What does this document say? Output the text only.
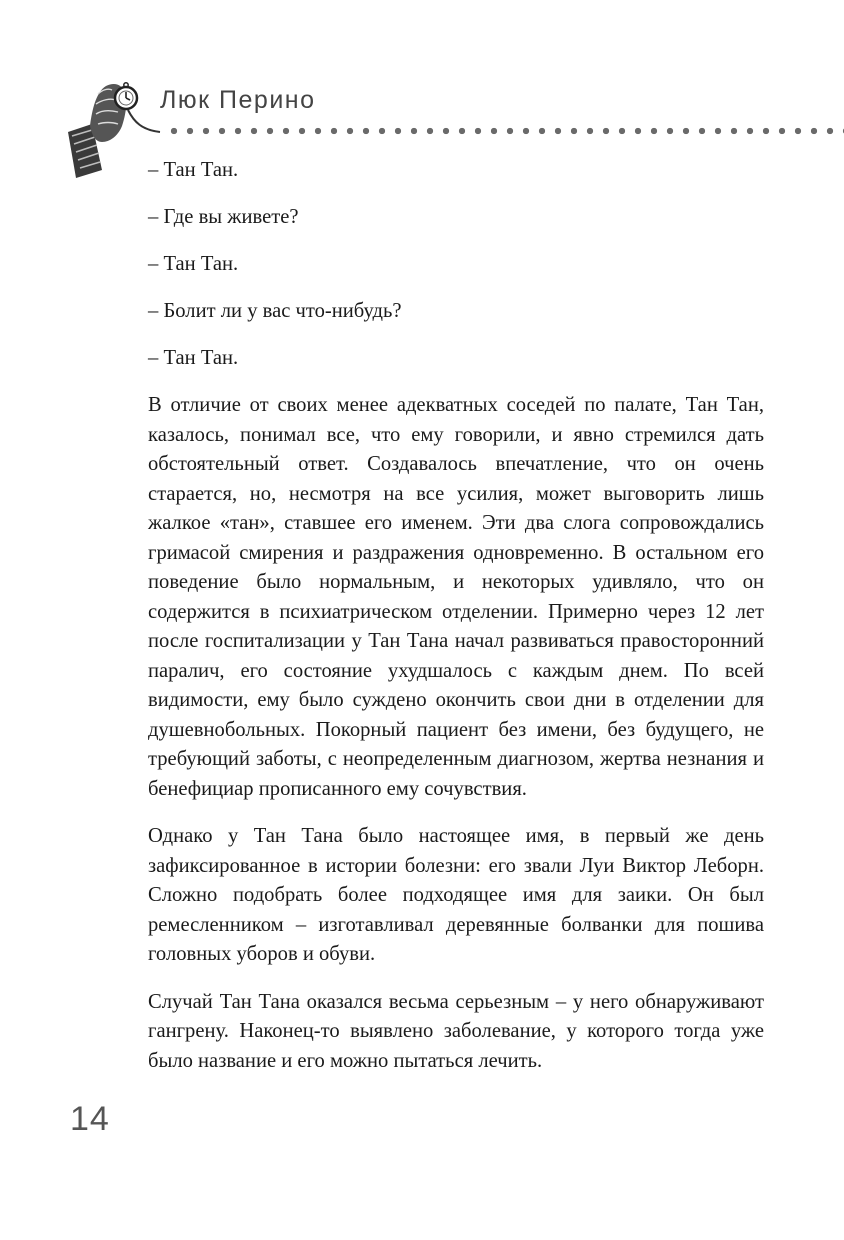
Люк Перино

– Тан Тан.

– Где вы живете?

– Тан Тан.

– Болит ли у вас что-нибудь?

– Тан Тан.

В отличие от своих менее адекватных соседей по палате, Тан Тан, казалось, понимал все, что ему говорили, и явно стремился дать обстоятельный ответ. Создавалось впечатление, что он очень старается, но, несмотря на все усилия, может выговорить лишь жалкое «тан», ставшее его именем. Эти два слога сопровождались гримасой смирения и раздражения одновременно. В остальном его поведение было нормальным, и некоторых удивляло, что он содержится в психиатрическом отделении. Примерно через 12 лет после госпитализации у Тан Тана начал развиваться правосторонний паралич, его состояние ухудшалось с каждым днем. По всей видимости, ему было суждено окончить свои дни в отделении для душевнобольных. Покорный пациент без имени, без будущего, не требующий заботы, с неопределенным диагнозом, жертва незнания и бенефициар прописанного ему сочувствия.

Однако у Тан Тана было настоящее имя, в первый же день зафиксированное в истории болезни: его звали Луи Виктор Леборн. Сложно подобрать более подходящее имя для заики. Он был ремесленником – изготавливал деревянные болванки для пошива головных уборов и обуви.

Случай Тан Тана оказался весьма серьезным – у него обнаруживают гангрену. Наконец-то выявлено заболевание, у которого тогда уже было название и его можно пытаться лечить.

14
